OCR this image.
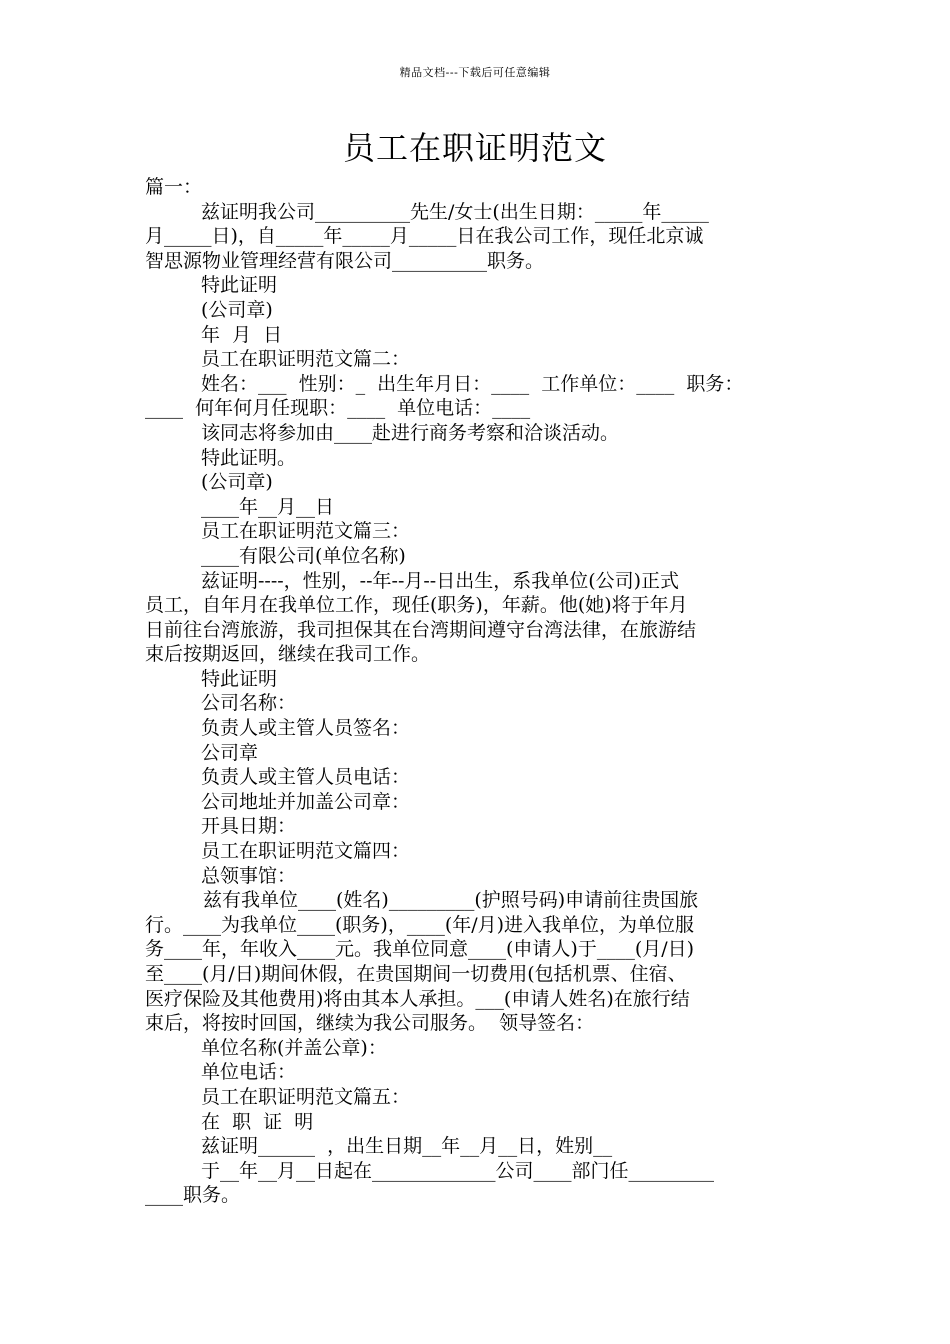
精品文档---下载后可任意编辑
员工在职证明范文
篇一：
兹证明我公司__________先生/女士(出生日期：_____年_____
月_____日)，自_____年_____月_____日在我公司工作，现任北京诚
智思源物业管理经营有限公司__________职务。
特此证明
(公司章)
年  月  日
员工在职证明范文篇二：
姓名：___  性别：_  出生年月日：____  工作单位：____  职务：
____  何年何月任现职：____  单位电话：____
该同志将参加由____赴进行商务考察和洽谈活动。
特此证明。
(公司章)
____年__月__日
员工在职证明范文篇三：
____有限公司(单位名称)
兹证明----，性别，--年--月--日出生，系我单位(公司)正式
员工，自年月在我单位工作，现任(职务)，年薪。他(她)将于年月
日前往台湾旅游，我司担保其在台湾期间遵守台湾法律，在旅游结
束后按期返回，继续在我司工作。
特此证明
公司名称：
负责人或主管人员签名：
公司章
负责人或主管人员电话：
公司地址并加盖公司章：
开具日期：
员工在职证明范文篇四：
总领事馆：
兹有我单位____(姓名)_________(护照号码)申请前往贵国旅
行。____为我单位____(职务)，____(年/月)进入我单位，为单位服
务____年，年收入____元。我单位同意____(申请人)于____(月/日)
至____(月/日)期间休假，在贵国期间一切费用(包括机票、住宿、
医疗保险及其他费用)将由其本人承担。___(申请人姓名)在旅行结
束后，将按时回国，继续为我公司服务。  领导签名：
单位名称(并盖公章)：
单位电话：
员工在职证明范文篇五：
在  职  证  明
兹证明______  ，出生日期__年__月__日，姓别__
于__年__月__日起在_____________公司____部门任_________
____职务。
